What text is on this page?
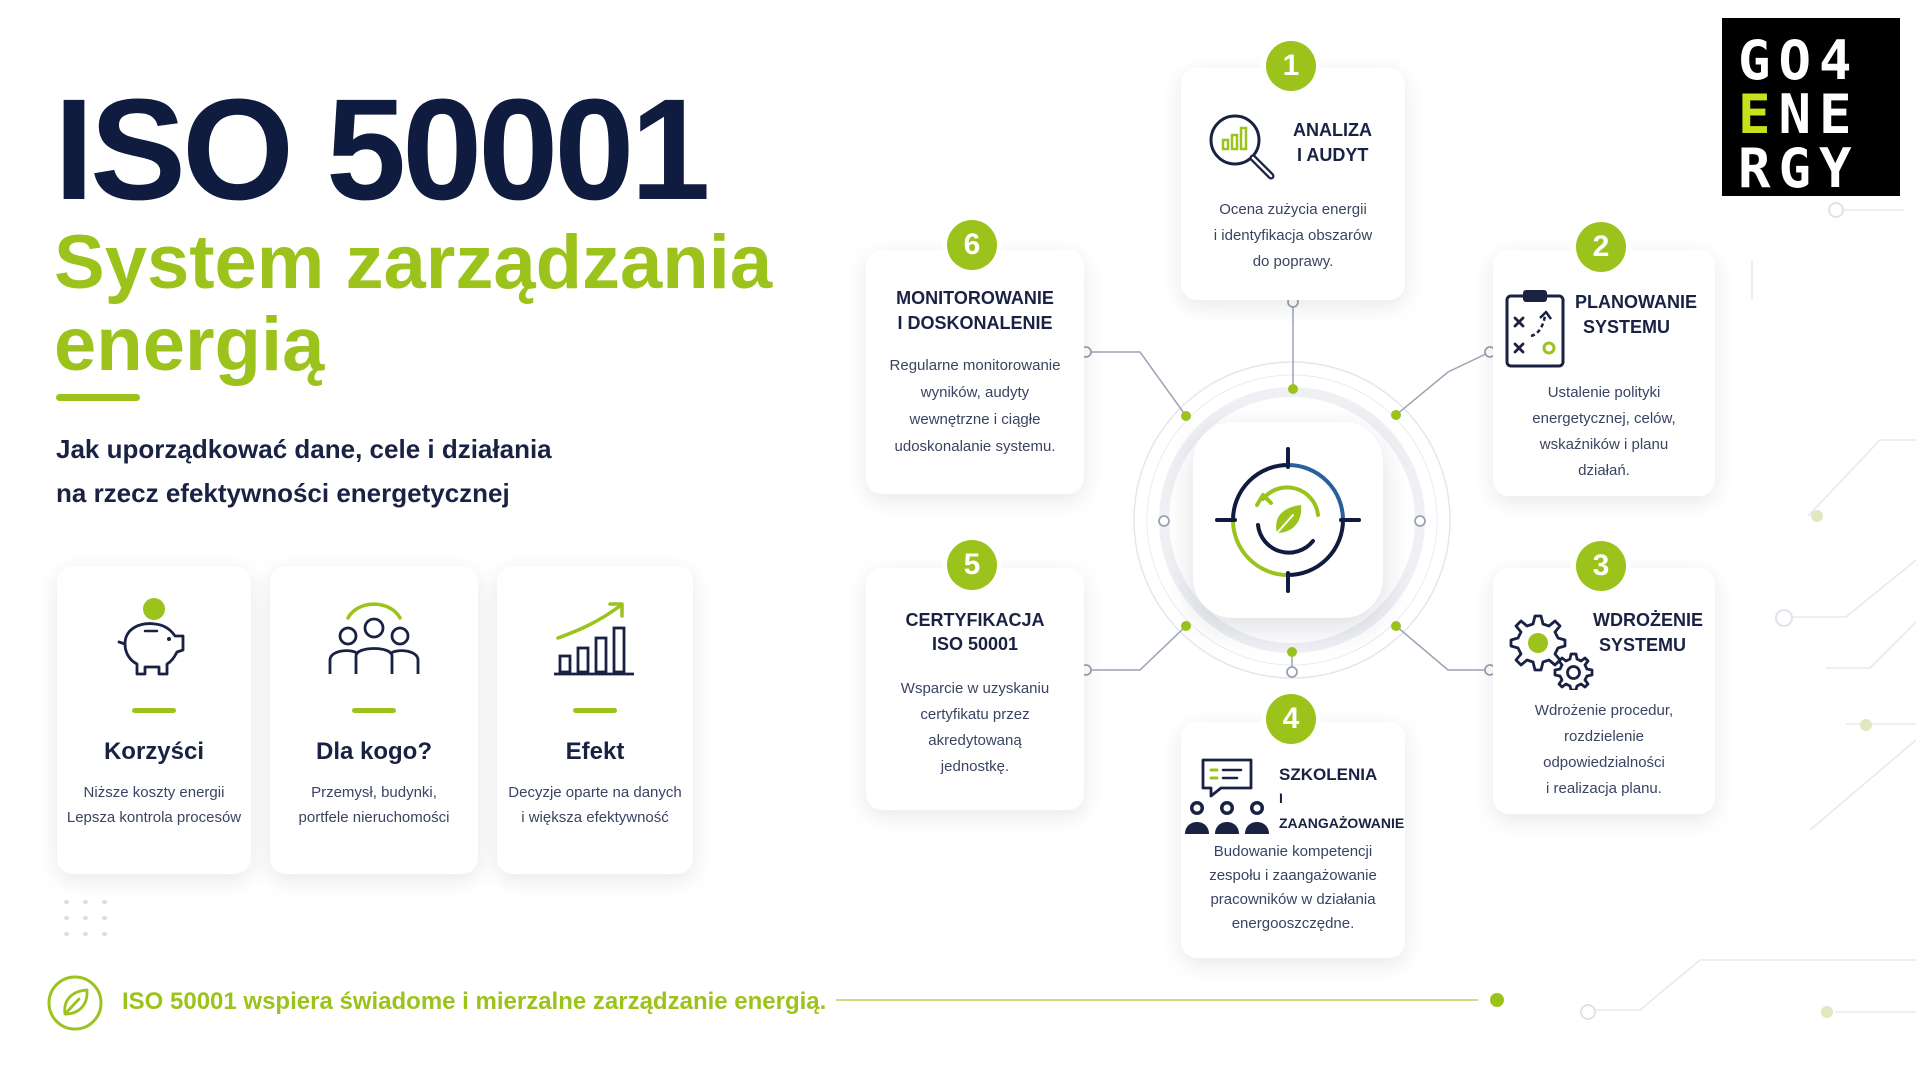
ISO 50001
System zarządzania energią
Jak uporządkować dane, cele i działania
na rzecz efektywności energetycznej
Korzyści
Niższe koszty energii
Lepsza kontrola procesów
Dla kogo?
Przemysł, budynki,
portfele nieruchomości
Efekt
Decyzje oparte na danych
i większa efektywność
ISO 50001 wspiera świadome i mierzalne zarządzanie energią.
ANALIZA
I AUDYT
Ocena zużycia energii
i identyfikacja obszarów
do poprawy.
1
PLANOWANIE
SYSTEMU
Ustalenie polityki
energetycznej, celów,
wskaźników i planu
działań.
2
WDROŻENIE
SYSTEMU
Wdrożenie procedur,
rozdzielenie
odpowiedzialności
i realizacja planu.
3
SZKOLENIA
I ZAANGAŻOWANIE
Budowanie kompetencji
zespołu i zaangażowanie
pracowników w działania
energooszczędne.
4
CERTYFIKACJA
ISO 50001
Wsparcie w uzyskaniu
certyfikatu przez
akredytowaną
jednostkę.
5
MONITOROWANIE
I DOSKONALENIE
Regularne monitorowanie
wyników, audyty
wewnętrzne i ciągłe
udoskonalanie systemu.
6
GO4
ENE
RGY
